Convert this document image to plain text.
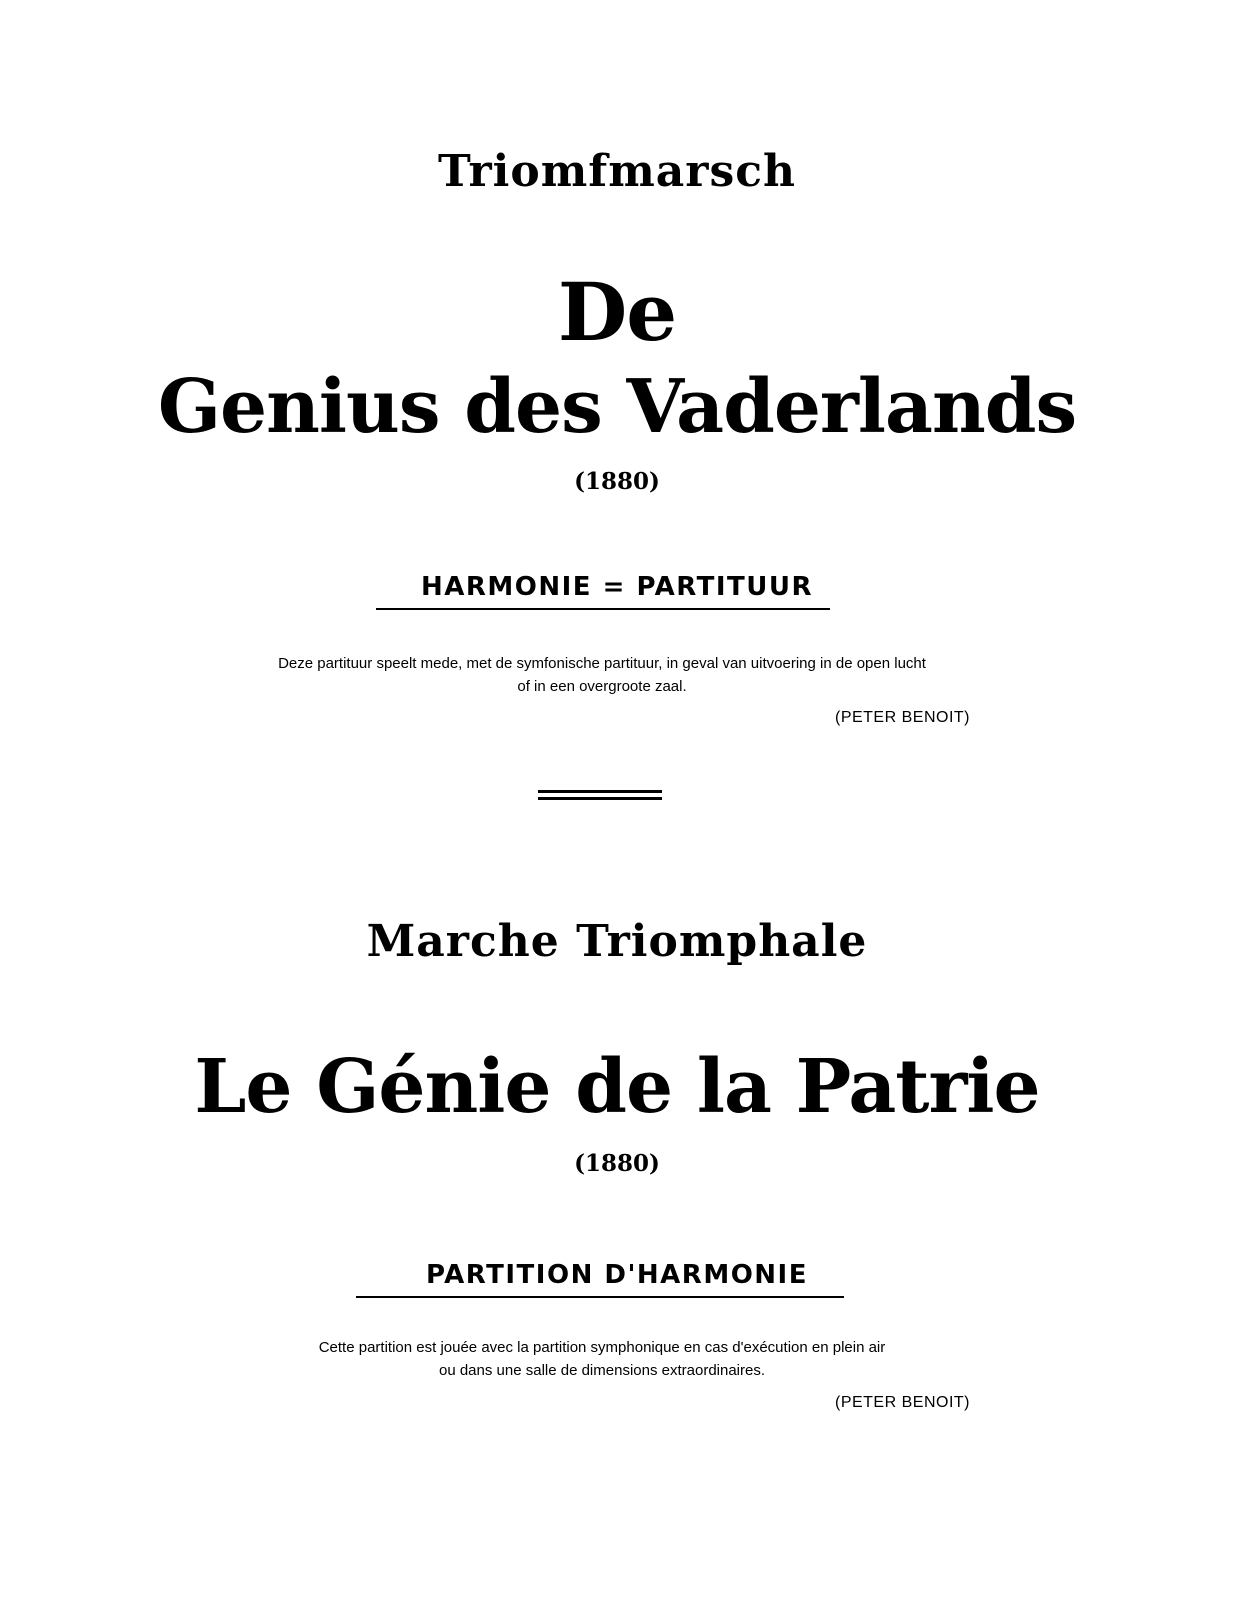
Triomfmarsch
De
Genius des Vaderlands
(1880)
HARMONIE = PARTITUUR
Deze partituur speelt mede, met de symfonische partituur, in geval van uitvoering in de open lucht
of in een overgroote zaal.
(PETER BENOIT)
Marche Triomphale
Le Génie de la Patrie
(1880)
PARTITION D'HARMONIE
Cette partition est jouée avec la partition symphonique en cas d'exécution en plein air
ou dans une salle de dimensions extraordinaires.
(PETER BENOIT)
